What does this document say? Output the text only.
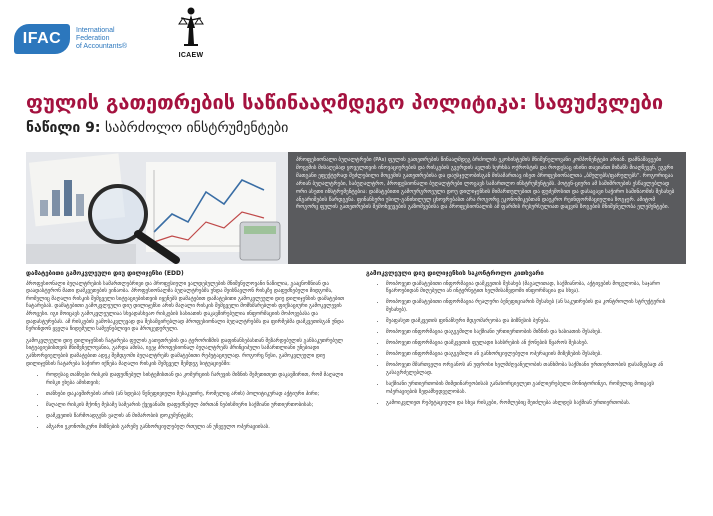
IFAC	International
Federation
of Accountants®
ICAEW
ფულის გათეთრების საწინააღმდეგო პოლიტიკა: საფუძვლები
ნაწილი 9: საბრძოლო ინსტრუმენტები
პროფესიონალი ბუღალტრები (PAs) ფულის გათეთრების წინააღმდეგ ბრძოლის ეკოსისტემის მნიშვნელოვანი კომპონენტები არიან. დამნაშავეები მოცემის მისაღებად ყოველთვის ინოვაციურების და რისკების გვერდის ავლის ხერხსა ოქროსტის და როდესაც ისინი თავიანთ მიზანს მიაღწევენ, ეგვრი მათგანი ეფექტურად შეძლებილი მოცემის გათეთრებისა და დაუსჯელობისგან მისამართავ ისეთ პროფესიონალთა „ბმულებს/ფარულებს". როგორიცაა არიან ბუღალტრები, საბუღალტრო, პროფესიონალი ბუღალტრები ლოცავს სამართლო ინსტრუმენტებს. პოტენ-ციური ამ საშიშროების ესწავლებლად ორი ასეთი ინსტრუმენტებია: დამატებითი გამოურგროეული დოუ დილიჯენსის მიმართულებით და ფუძემოსით და დასაცავი საჭირო საშინაომის შესახებ ანგარიშების წარდგენა. ფინანსური უსილ-განიხილულ ცხოვრებასთ არა როგორც ეკონომიკებთან დაუკრო რეინფორმაციულია ზოგჯერ. ამიტომ როგორც ფულის გათეთრების შემოხვევების გაზომვებისა და პროფესიონალის ამ ფარმის რესურსულიათ დაცვის ზოგების მნიშვნელობა ელემენტები.
დამატებითი გამოკვლეული დიუ დილიჯენსი (EDD)

პროფესიონალი ბუღალტრების სამართლებრივი და პროფესიული ვალდებულების მნიშვნელოვანი ნაწილია, გააცნოზნიან და დაადასტურონ მათი დამკვეთების ვინაობა. პროფესიონალმა ბუღალტრებმა უნდა შეისწავლონ რისკზე დაფუძნებული მიდგომა, რომელიც მაღალი რისკის შემცველი სიტუაციებისთვის იყენებს დამატებით დამატებითი გამოკვლეული დიუ დილიჯენსის დამატებით ჩატარებას. დამატებითი გამოკვლეული დიუ დილიჯენსი არის მაღალი რისკის შემცველი მომხმარებლის ფიქსაციური გამოკვლევის პროცესი. იგი მოიცავს გამოკვლეულიაა სხვადასხვაო რისკების სასიათის დაკავშირებულია ინფორმაციის მოპოვებასა და დადასტურებას. ამ რისკების გამოსაკვლევად და შესამცირებლად პროფესიონალი ბუღალტრებმა და ფირმებმა დამკვეთისგან უნდა ჩერინდონ ყველა ჩიდემული სამეუნებლივი და პროცედურული.

გამოკვლეული დიუ დილიჯენსის ჩატარება ფულის გათეთრების და ტერორიზმის დაფინანსებასთან შეზარდებულის განსაკუთრებულ სიტუაციებისთვის მნიშვნელოვანია, გარდა ამისა, იგეჯ პროფესიონალ ბუღალტრებს პრინციპული სამართლიანი უნებიადი განხორციელების დამატებით ადეკ შემდგომი ბუღალტრებს დამატებითი რეპუტაციულად. როგორც წესი, გამოკვლეული დიუ დილიჯენსის ჩატარება საჭირო იქნება მაღალი რისკის შემცველ შემდეგ სიტუაციებში:

• როდესაც თანხები რისკის დაფუძნებულ სისტემისთან და კომერციის ჩარევის მიზნის შემეთითეთ დაკავშირით, რომ მაღალი რისკი ეხება ამისთვის;
• თანხები დაკავშირების არის (ან ხდება) წენეფივიული მესაკუთრე, რომელიც არის) პოლიტიკურად აქტიური პირი;
• მაღალი რისკის მქონე მესამე სამეარის ქვეყანაში დაფუძნებულ პირთან ნებისმიერი საქმიანი ურთიერთობისას;
• დამკვეთის წარმოადგენს ვალის ან მიმარობის დოკუმენტებს;
• ამგარი ეკონომიკური მიზნების გარემე განხორციელებულ რთული ან უჩვეულო ოპერაციისას.
გამოკვლეული დიუ დილიჯენსის საკონტროლო კითხვარი
• მოიპოვეთ დამატებითი ინფორმაცია დამკვეთის შესახებ (მაგალითად, საქმიანობა, აქტივების მოცულობა, საჯარო წყაროებიდან მიღებული ან ინტერნეტით ხელმისაწვდომი ინფორმაცია და სხვა).
• მოიპოვეთ დამატებითი ინფორმაცია რეალური ბენეფიციარის შესახებ (ან საკუთრების და კონტროლის სტრუქტურის შესახებ).
• შეაფასეთ დამკვეთის ფინანსური მდგომარეობა და ბიზნესის ბუნება.
• მოიპოვეთ ინფორმაცია დაგეგმილი საქმიანი ურთიერთობის მიზნის და ხასიათის შესახებ.
• მოიპოვეთ ინფორმაცია დამკვეთის ფულადი სახსრების ან ქონების წყაროს შესახებ.
• მოიპოვეთ ინფორმაცია დაგეგმილი ან განხორციელებული ოპერაციის მიზეზების შესახებ.
• მოიპოვეთ მმართველი ორგანოს ან უფროსი ხელმძღვანელობის თანხმობა საქმიანი ურთიერთობის დასაწყებად ან გასაგრძელებლად.
• საქმიანი ურთიერთობის მიმდინარეობისას განახორციელეთ გაძლიერებული მონიტორინგი, რომელიც მოიცავს ოპერაციების ზედამხედველობას.
• გამოიკვლიეთ რეპუტაციული და სხვა რისკები, რომლებიც შეიძლება ახლდეს საქმიან ურთიერთობას.
